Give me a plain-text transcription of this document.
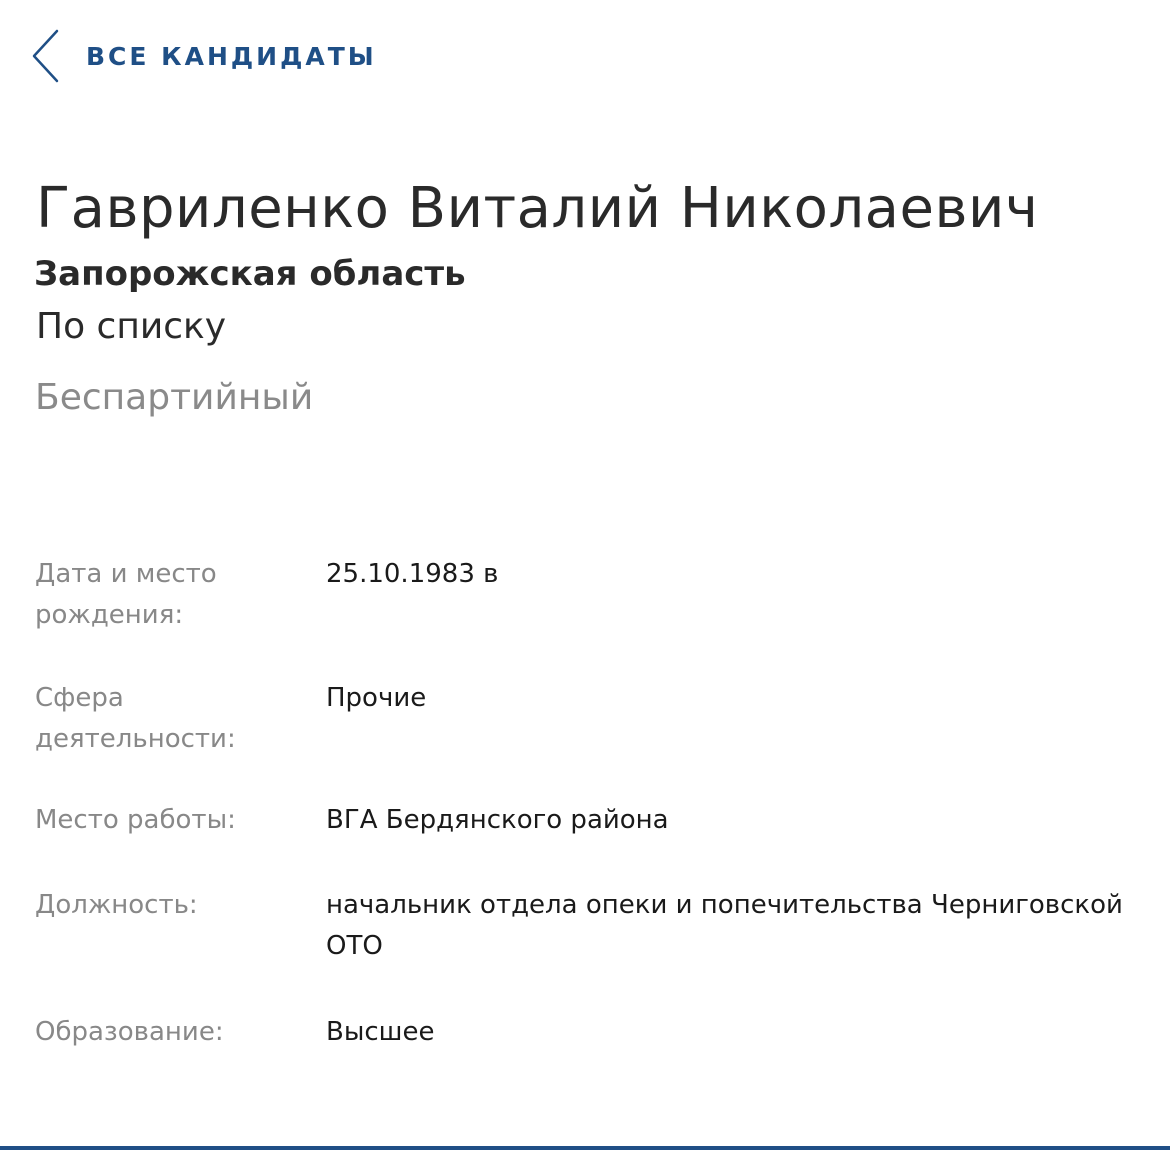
ВСЕ КАНДИДАТЫ
Гавриленко Виталий Николаевич
Запорожская область
По списку
Беспартийный
Дата и место рождения:
25.10.1983 в
Сфера деятельности:
Прочие
Место работы:	ВГА Бердянского района
Должность:	начальник отдела опеки и попечительства Черниговской ОТО
Образование:	Высшее
